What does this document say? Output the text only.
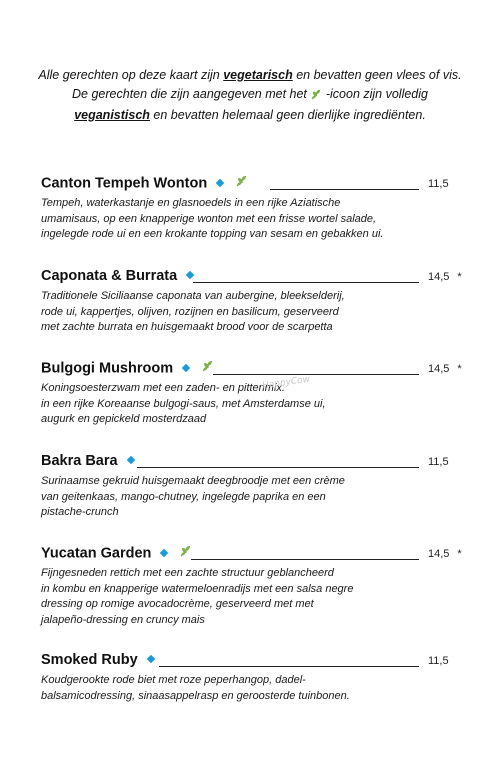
Alle gerechten op deze kaart zijn vegetarisch en bevatten geen vlees of vis.
De gerechten die zijn aangegeven met het  -icoon zijn volledig
veganistisch en bevatten helemaal geen dierlijke ingrediënten.
Canton Tempeh Wonton	11,5
Tempeh, waterkastanje en glasnoedels in een rijke Aziatische
umamisaus, op een knapperige wonton met een frisse wortel salade,
ingelegde rode ui en een krokante topping van sesam en gebakken ui.
Caponata & Burrata	14,5 *
Traditionele Siciliaanse caponata van aubergine, bleekselderij,
rode ui, kappertjes, olijven, rozijnen en basilicum, geserveerd
met zachte burrata en huisgemaakt brood voor de scarpetta
Bulgogi Mushroom	14,5 *
Koningsoesterzwam met een zaden- en pittenmix.
in een rijke Koreaanse bulgogi-saus, met Amsterdamse ui,
augurk en gepickeld mosterdzaad
Bakra Bara	11,5
Surinaamse gekruid huisgemaakt deegbroodje met een crème
van geitenkaas, mango-chutney, ingelegde paprika en een
pistache-crunch
Yucatan Garden	14,5 *
Fijngesneden rettich met een zachte structuur geblancheerd
in kombu en knapperige watermeloenradijs met een salsa negre
dressing op romige avocadocrème, geserveerd met met
jalapeño-dressing en cruncy mais
Smoked Ruby	11,5
Koudgerookte rode biet met roze peperhangop, dadel-
balsamicodressing, sinaasappelrasp en geroosterde tuinbonen.
HappyCow
